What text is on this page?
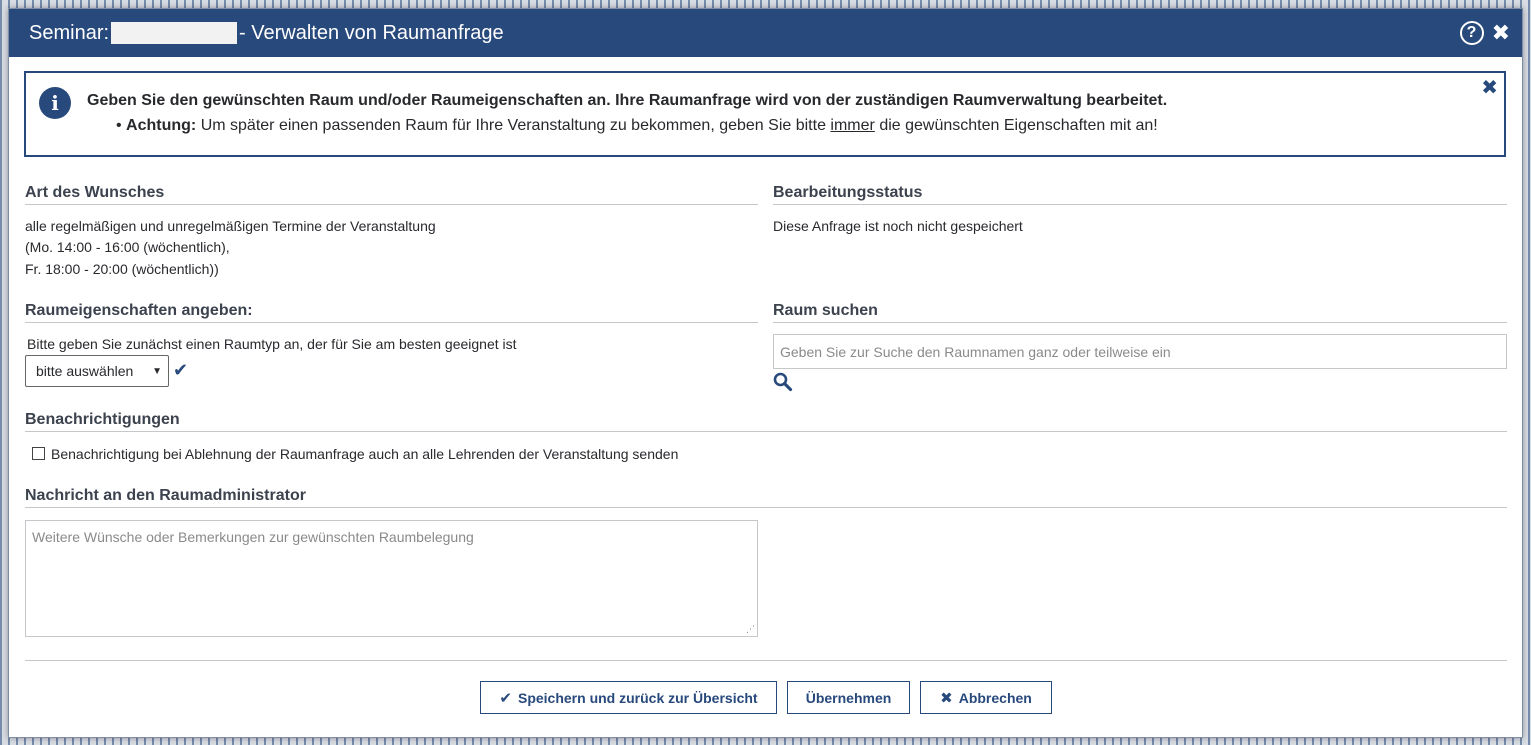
Seminar:	- Verwalten von Raumanfrage	? ✖
i	Geben Sie den gewünschten Raum und/oder Raumeigenschaften an. Ihre Raumanfrage wird von der zuständigen Raumverwaltung bearbeitet.
• Achtung: Um später einen passenden Raum für Ihre Veranstaltung zu bekommen, geben Sie bitte immer die gewünschten Eigenschaften mit an!
✖
Art des Wunsches
alle regelmäßigen und unregelmäßigen Termine der Veranstaltung
(Mo. 14:00 - 16:00 (wöchentlich),
Fr. 18:00 - 20:00 (wöchentlich))
Bearbeitungsstatus
Diese Anfrage ist noch nicht gespeichert
Raumeigenschaften angeben:
Bitte geben Sie zunächst einen Raumtyp an, der für Sie am besten geeignet ist
bitte auswählen ▼ ✔
Raum suchen
Geben Sie zur Suche den Raumnamen ganz oder teilweise ein
Benachrichtigungen
Benachrichtigung bei Ablehnung der Raumanfrage auch an alle Lehrenden der Veranstaltung senden
Nachricht an den Raumadministrator
Weitere Wünsche oder Bemerkungen zur gewünschten Raumbelegung
⋰
✔ Speichern und zurück zur Übersicht	Übernehmen	✖ Abbrechen
